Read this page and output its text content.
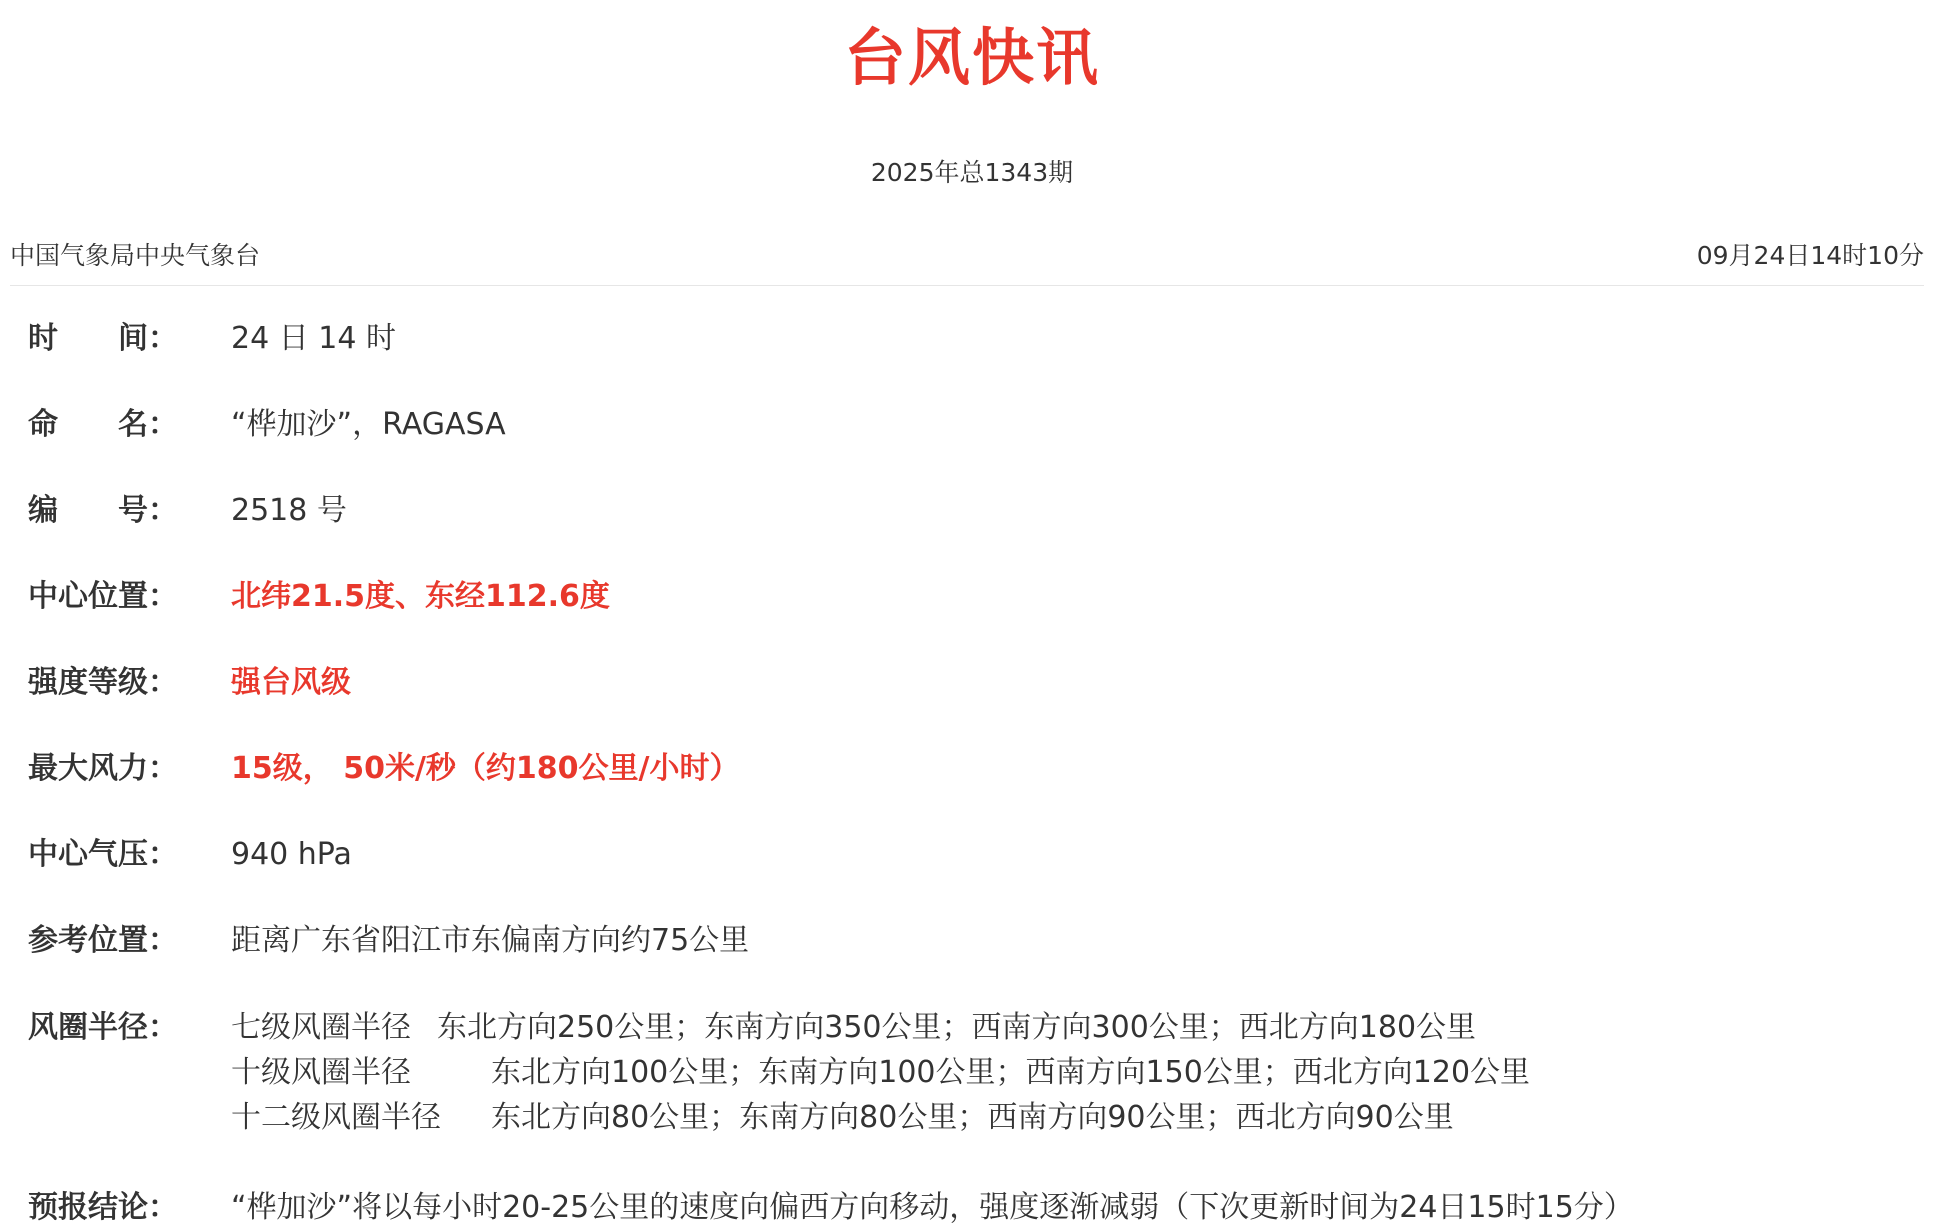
台风快讯
2025年总1343期
中国气象局中央气象台	09月24日14时10分
时 间：	24 日 14 时
命 名：	“桦加沙”，RAGASA
编 号：	2518 号
中心位置：	北纬21.5度、东经112.6度
强度等级：	强台风级
最大风力：	15级， 50米/秒（约180公里/小时）
中心气压：	940 hPa
参考位置：	距离广东省阳江市东偏南方向约75公里
风圈半径：	七级风圈半径 东北方向250公里；东南方向350公里；西南方向300公里；西北方向180公里
十级风圈半径	东北方向100公里；东南方向100公里；西南方向150公里；西北方向120公里
十二级风圈半径	东北方向80公里；东南方向80公里；西南方向90公里；西北方向90公里
预报结论：	“桦加沙”将以每小时20-25公里的速度向偏西方向移动，强度逐渐减弱（下次更新时间为24日15时15分）
